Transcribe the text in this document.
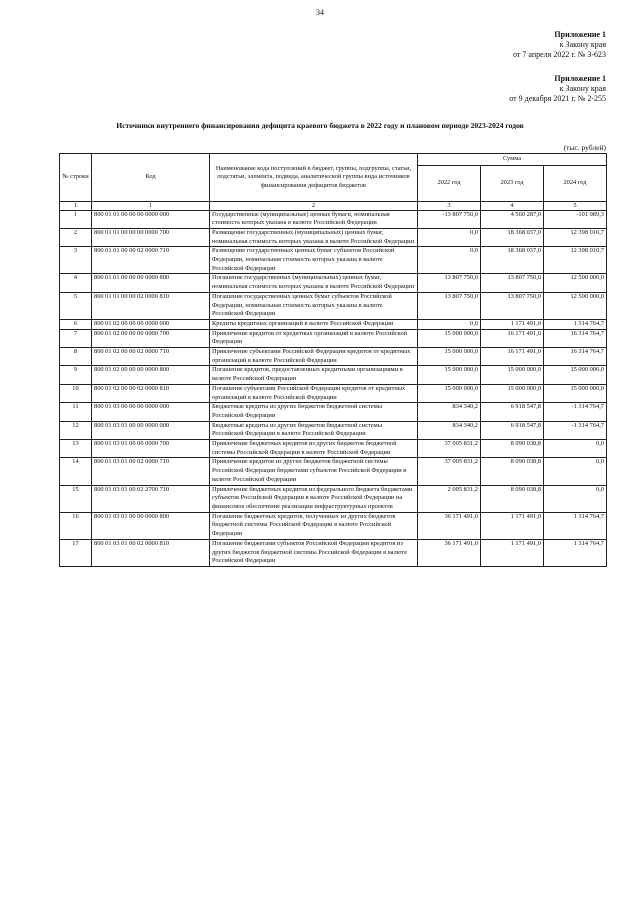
34
Приложение 1
к Закону края
от 7 апреля 2022 г. № 3-623
Приложение 1
к Закону края
от 9 декабря 2021 г. № 2-255
Источники внутреннего финансирования дефицита краевого бюджета в 2022 году и плановом периоде 2023-2024 годов
(тыс. рублей)
№ строки	Код	Наименование кода поступлений в бюджет, группы, подгруппы, статьи, подстатьи, элемента, подвида, аналитической группы вида источников финансирования дефицитов бюджетов	Сумма		
			2022 год	2023 год	2024 год
1	1	2	3	4	5
1	800 01 01 00 00 00 0000 000	Государственные (муниципальные) ценные бумаги, номинальная стоимость которых указана в валюте Российской Федерации	-13 807 750,0	4 560 287,0	-101 989,3
2	800 01 01 00 00 00 0000 700	Размещение государственных (муниципальных) ценных бумаг, номинальная стоимость которых указана в валюте Российской Федерации	0,0	18 368 037,0	12 398 010,7
3	800 01 01 00 00 02 0000 710	Размещение государственных ценных бумаг субъектов Российской Федерации, номинальная стоимость которых указана в валюте Российской Федерации	0,0	18 368 037,0	12 398 010,7
4	800 01 01 00 00 00 0000 800	Погашение государственных (муниципальных) ценных бумаг, номинальная стоимость которых указана в валюте Российской Федерации	13 807 750,0	13 807 750,0	12 500 000,0
5	800 01 01 00 00 02 0000 810	Погашение государственных ценных бумаг субъектов Российской Федерации, номинальная стоимость которых указана в валюте Российской Федерации	13 807 750,0	13 807 750,0	12 500 000,0
6	800 01 02 00 00 00 0000 000	Кредиты кредитных организаций в валюте Российской Федерации	0,0	1 171 491,0	1 314 764,7
7	800 01 02 00 00 00 0000 700	Привлечение кредитов от кредитных организаций в валюте Российской Федерации	15 000 000,0	16 171 491,0	16 314 764,7
8	800 01 02 00 00 02 0000 710	Привлечение субъектами Российской Федерации кредитов от кредитных организаций в валюте Российской Федерации	15 000 000,0	16 171 491,0	16 314 764,7
9	800 01 02 00 00 00 0000 800	Погашение кредитов, предоставленных кредитными организациями в валюте Российской Федерации	15 000 000,0	15 000 000,0	15 000 000,0
10	800 01 02 00 00 02 0000 810	Погашение субъектами Российской Федерации кредитов от кредитных организаций в валюте Российской Федерации	15 000 000,0	15 000 000,0	15 000 000,0
11	800 01 03 00 00 00 0000 000	Бюджетные кредиты из других бюджетов бюджетной системы Российской Федерации	834 340,2	6 918 547,8	-1 314 764,7
12	800 01 03 01 00 00 0000 000	Бюджетные кредиты из других бюджетов бюджетной системы Российской Федерации в валюте Российской Федерации	834 340,2	6 918 547,8	-1 314 764,7
13	800 01 03 01 00 00 0000 700	Привлечение бюджетных кредитов из других бюджетов бюджетной системы Российской Федерации в валюте Российской Федерации	37 005 831,2	8 090 038,8	0,0
14	800 01 03 01 00 02 0000 710	Привлечение кредитов из других бюджетов бюджетной системы Российской Федерации бюджетами субъектов Российской Федерации в валюте Российской Федерации	37 005 831,2	8 090 038,8	0,0
15	800 01 03 01 00 02 2700 710	Привлечение бюджетных кредитов из федерального бюджета бюджетами субъектов Российской Федерации в валюте Российской Федерации на финансовое обеспечение реализации инфраструктурных проектов	2 005 831,2	8 090 038,8	0,0
16	800 01 03 01 00 00 0000 800	Погашение бюджетных кредитов, полученных из других бюджетов бюджетной системы Российской Федерации в валюте Российской Федерации	36 171 491,0	1 171 491,0	1 314 764,7
17	800 01 03 01 00 02 0000 810	Погашение бюджетами субъектов Российской Федерации кредитов из других бюджетов бюджетной системы Российской Федерации в валюте Российской Федерации	36 171 491,0	1 171 491,0	1 314 764,7
